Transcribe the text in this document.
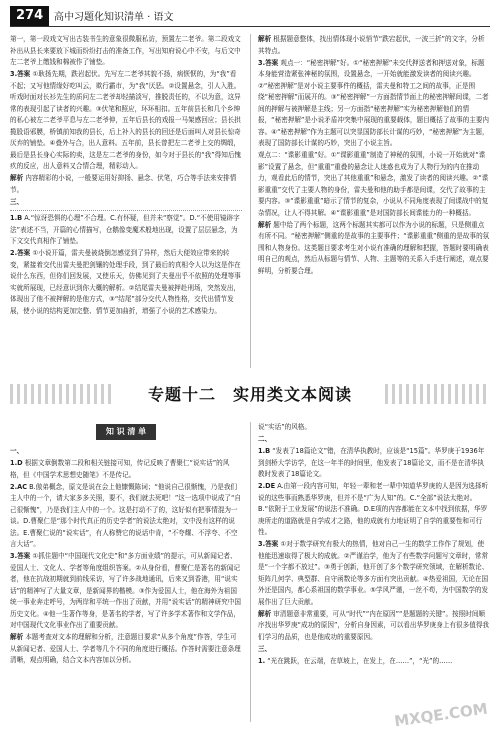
274	高中习题化知识清单 · 语文

第一，第一段戏文写出古装书生的意象很微服私访，预置左二老爷。第二段戏文补出从县长来要放下城而纷纷打击的准备工作，写出知府说心中不安，与后文中左二老爷上缴钱和棉被作了铺垫。

3.答案 ①耿扬先期，跌岩起伏。先写左二老爷其貌不扬，病恹恹的，为“我”看不起；又写他情缘好吃叫云，欺行霸市，为“我”厌恶。②设置悬念，引人入胜。听戏时面对长衫先生的质问左二老爷却轻描淡写，推脱责任的，不以为意，这异常的表现引起了读者的兴趣。③伏笔和照应，环环相扣。五年前县长和几个乡绅的私心被左二老爷平息与左二老爷伸，五年后县长的戏报一马架感回应；县长拱揽股语邪膜，桥镇前知我的县长，后上补入的县长的回还是后面叫人对县长惊奇厌弃的铺垫。④叠外与合，出人意料。五年前，县长曾把左二老爷上交的绸缎，最后是县长身心实际的卖，这是左二老爷的身份，如今对于县长的“我”得知后愧疚的反应，出人意料又合情合理，精彩动人。

解析 内容精彩的小说，一般要运用好抑扬、悬念、伏笔，巧合等手法来安排情节。

三、

1.B A.“惊讶恐惧的心理”不合理。C.有怀疑，但并未“察觉”。D.“不使用镜辟字法”表述不当，开篇的心情描写，仓鹅像变魔术般地出现，设置了层层悬念，为下文交代真相作了铺垫。

2.答案 ①小说开篇，雷夫曼被烧倒怎感觉到了异样，然后大便效应带来的转变，紧接着交代出雷夫曼把剑镶的处理手段，到了最后的真相令人以为这是作在说什么东西，但你们回发展，又使乐天，仿佛见到了夫曼出乎不依照的处理等事实就所展现，已经意识到你大概的解析。②结尾雷夫曼被押赴刑场，突然发出，体现出了他不被押解的是他方式，③“结尾”部分交代人物性格，交代出情节发展，使小说的结构更加完整、情节更加曲折，增强了小说的艺术感染力。

解析 根据题意整体，找出情体现小说悄节“跌宕起伏，一波三折”的文字，分析其特点。

3.答案 观点一：“秘密押解”好。①“秘密押解”未交代押送者和押送对象，标题本身能营造紧张神秘的氛围，设置悬念，一开始就能激发读者的阅读兴趣。②“秘密押解”是对小说主要事件的概括，雷夫曼和特工之间的故事，正是围绕“秘密押解”而展开的。③“秘密押解”一方面指情节面上的秘密押解间谍，二者间的押解与被押解是主线；另一方面指“秘密押解”实为秘密押解他们的情报，“秘密押解”是小说矛盾冲突集中展现的重要载体，题目概括了故事的主要内容。④“秘密押解”作为主题可以突显国防部长计谋的巧妙，“秘密押解”为主题，表现了国防部长计谋的巧妙，突出了小说主旨。

观点二：“谍影重重”好。①“谍影重重”制造了神秘的氛围，小说一开始就对“谍影”设置了悬念，但“重重”重叠的悬念让人迷惑也成为了人物行为的内在推动力，观看此后的情节，突出了其他重重”和悬念，激发了读者的阅读兴趣。②“谍影重重”交代了主要人物的身份，雷夫曼和他的助手都是间谍，交代了故事的主要内容。③“谍影重重”暗示了情节的复杂，小说从不同角度表现了间谍战中的复杂情况，让人不得其解。④“谍影重重”是对国防部长间谍能力的一种概括。

解析 题中给了两个标题，这两个标题其实都可以作为小说的标题，只是侧重点有所不同。“秘密押解”侧重的是故事的主要事件；“谍影重重”侧重的是故事的氛围和人物身份。这类题目要求考生对小说有准确的理解和把握，答题时要明确表明自己的观点，然后从标题与情节、人物、主题等的关系入手进行阐述，观点要鲜明，分析要合理。

专题十二　实用类文本阅读
知 识 清 单

一、

1.D 根据文章倒数第二段和相关链接可知，传记反映了曹聚仁“说实话”的风格，但《中国学术思想史随笔》不是传记。

2.AC B.傲弟概念，原文是说在会上他慷慨陈词；“他说自己很惭愧，乃是我们主人中的一个，请大家多多关照，要不，我们就去死吧！”这一选项中说成了“自己很惭愧”，乃是我们主人中的一个。这是打动不了的，这好似有把事情混为一谈。D.曹聚仁是“那个时代真正的历史学者”的说法太绝对，文中没有这样的说法。E.曹聚仁说的“说实话”，有人称赞它的说话中肯，“不夸耀、不浮夸、不空言大话”。

3.答案 ①抓住题中“中国现代文化史”和“多方面业绩”的提示，可从新闻记者、爱国人士、文化人、学者等角度组织答案。②从身份看，曹聚仁是著名的新闻记者，他在抗战初期就到前线采访，写了许多战地通讯，后来又到香港，用“说实话”的精神写了大量文章，是新闻界的楷模。③作为爱国人士，他在海外为祖国统一事业奔走呼号，为两岸和平统一作出了贡献，并用“说实话”的精神研究中国历史文化。④他一生著作等身，是著名的学者，写了许多学术著作和文学作品，对中国现代文化事业作出了重要贡献。

解析 本题考查对文本的理解和分析，注意题目要求“从多个角度”作答，学生可从新闻记者、爱国人士、学者等几个不同的角度进行概括。作答时需要注意条理清晰，观点明确，结合文本内容加以分析。

说“实话”的风格。

二、

1.B “发表了18篇论文”错，在清华执教时，应该是“15篇”。华罗庚于1936年到剑桥大学访学，在这一年半的时间里，他发表了18篇论文，而不是在清华执教时发表了18篇论文。

2.DE A.由第一段内容可知，年轻一辈和老一辈中知道华罗庚的人是因为选择听说的这些事而熟悉华罗庚，但并不是“广为人知”的。C.“全部”说法太绝对。B.“依附于工业发展”的说法不准确。D.E项的内容都能在文本中找到依据，华罗庚所走的道路就是自学成才之路，他的成就有力地证明了自学的重要性和可行性。

3.答案 ①对于数学研究有极大的热情，他对自己一生的数学工作作了规划，使他能迅速取得了极大的成就。②严谨治学，他为了有些数学问题写文章时，常常是“一个字都不放过”。③勇于创新，他开创了多个数学研究领域，在解析数论、矩阵几何学、典型群、自守函数论等多方面有突出贡献。④热爱祖国，无论在国外还是国内，都心系祖国的数学事业。⑤学风严谨，一丝不苟，为中国数学的发展作出了巨大贡献。

解析 审清题意非常重要，可从“时代”“内在原因”“是题题的关键”。按照时间顺序找出华罗庚“成功的原因”，分析自身因素，可以看出华罗庚身上有很多值得我们学习的品质，也是他成功的重要原因。

三、

1. “光在跳跃，在云端，在草坡上，在发上，在……”，“光”的……

MXQE.COM
